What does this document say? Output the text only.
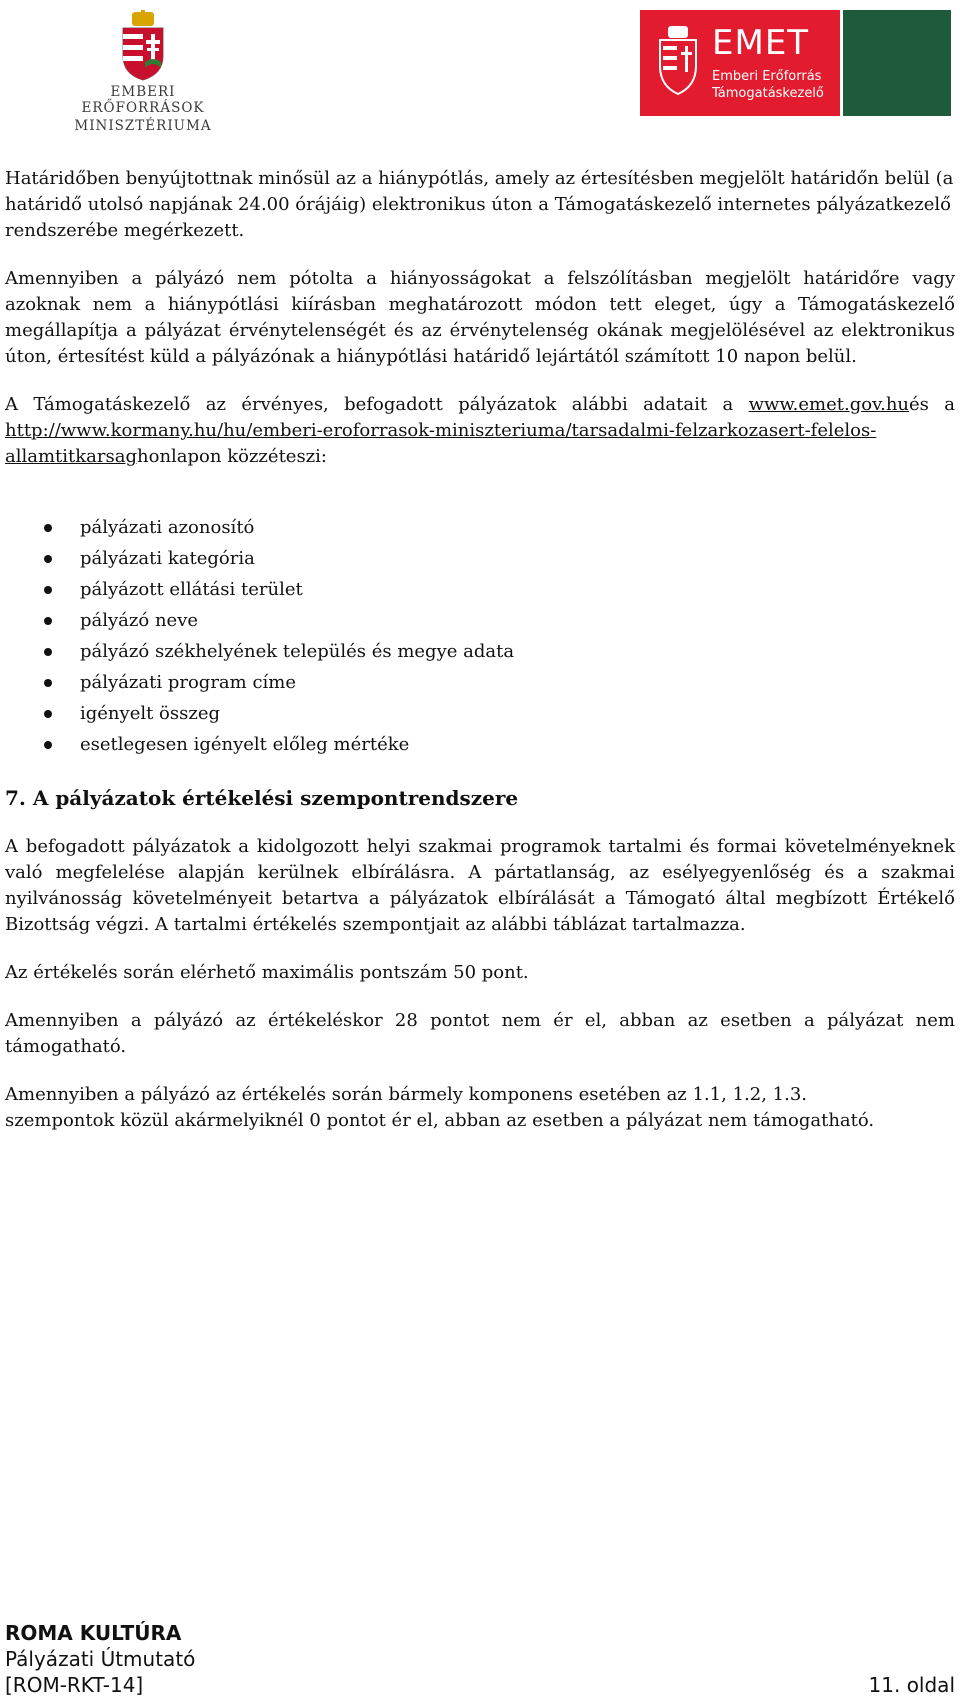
EMBERI ERŐFORRÁSOK
MINISZTÉRIUMA
EMET
Emberi Erőforrás
Támogatáskezelő

Határidőben benyújtottnak minősül az a hiánypótlás, amely az értesítésben megjelölt határidőn belül (a határidő utolsó napjának 24.00 órájáig) elektronikus úton a Támogatáskezelő internetes pályázatkezelő rendszerébe megérkezett.

Amennyiben a pályázó nem pótolta a hiányosságokat a felszólításban megjelölt határidőre vagy azoknak nem a hiánypótlási kiírásban meghatározott módon tett eleget, úgy a Támogatáskezelő megállapítja a pályázat érvénytelenségét és az érvénytelenség okának megjelölésével az elektronikus úton, értesítést küld a pályázónak a hiánypótlási határidő lejártától számított 10 napon belül.

A Támogatáskezelő az érvényes, befogadott pályázatok alábbi adatait a www.emet.gov.hués a http://www.kormany.hu/hu/emberi-eroforrasok-miniszteriuma/tarsadalmi-felzarkozasert-felelos-allamtitkarsaghonlapon közzéteszi:

pályázati azonosító
pályázati kategória
pályázott ellátási terület
pályázó neve
pályázó székhelyének település és megye adata
pályázati program címe
igényelt összeg
esetlegesen igényelt előleg mértéke
7. A pályázatok értékelési szempontrendszere

A befogadott pályázatok a kidolgozott helyi szakmai programok tartalmi és formai követelményeknek való megfelelése alapján kerülnek elbírálásra. A pártatlanság, az esélyegyenlőség és a szakmai nyilvánosság követelményeit betartva a pályázatok elbírálását a Támogató által megbízott Értékelő Bizottság végzi. A tartalmi értékelés szempontjait az alábbi táblázat tartalmazza.

Az értékelés során elérhető maximális pontszám 50 pont.

Amennyiben a pályázó az értékeléskor 28 pontot nem ér el, abban az esetben a pályázat nem támogatható.

Amennyiben a pályázó az értékelés során bármely komponens esetében az 1.1, 1.2, 1.3.
szempontok közül akármelyiknél 0 pontot ér el, abban az esetben a pályázat nem támogatható.

ROMA KULTÚRA
Pályázati Útmutató
[ROM-RKT-14]	11. oldal
